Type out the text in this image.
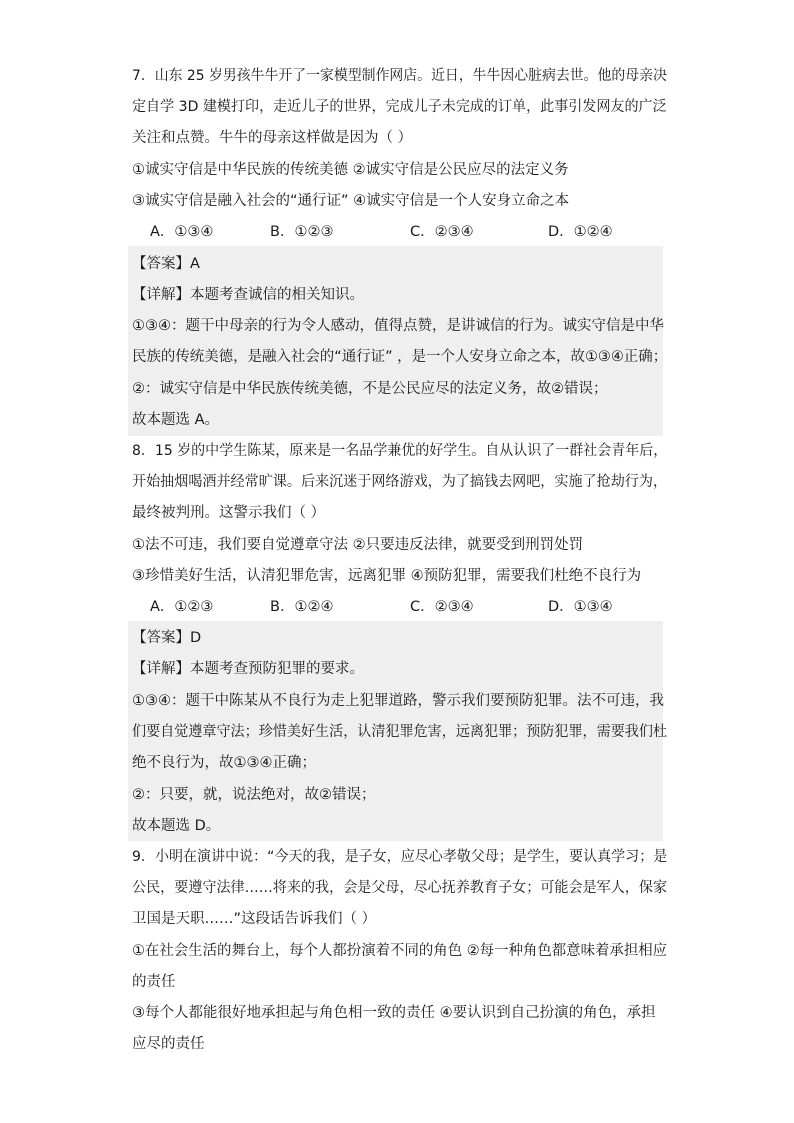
7．山东 25 岁男孩牛牛开了一家模型制作网店。近日，牛牛因心脏病去世。他的母亲决
定自学 3D 建模打印，走近儿子的世界，完成儿子未完成的订单，此事引发网友的广泛
关注和点赞。牛牛的母亲这样做是因为（ ）
①诚实守信是中华民族的传统美德 ②诚实守信是公民应尽的法定义务
③诚实守信是融入社会的“通行证” ④诚实守信是一个人安身立命之本
A．①③④	B．①②③	C．②③④	D．①②④
【答案】A
【详解】本题考查诚信的相关知识。
①③④：题干中母亲的行为令人感动，值得点赞，是讲诚信的行为。诚实守信是中华
民族的传统美德，是融入社会的“通行证” ，是一个人安身立命之本，故①③④正确；
②：诚实守信是中华民族传统美德，不是公民应尽的法定义务，故②错误；
故本题选 A。
8．15 岁的中学生陈某，原来是一名品学兼优的好学生。自从认识了一群社会青年后，
开始抽烟喝酒并经常旷课。后来沉迷于网络游戏，为了搞钱去网吧，实施了抢劫行为，
最终被判刑。这警示我们（ ）
①法不可违，我们要自觉遵章守法 ②只要违反法律，就要受到刑罚处罚
③珍惜美好生活，认清犯罪危害，远离犯罪 ④预防犯罪，需要我们杜绝不良行为
A．①②③	B．①②④	C．②③④	D．①③④
【答案】D
【详解】本题考查预防犯罪的要求。
①③④：题干中陈某从不良行为走上犯罪道路，警示我们要预防犯罪。法不可违，我
们要自觉遵章守法；珍惜美好生活，认清犯罪危害，远离犯罪；预防犯罪，需要我们杜
绝不良行为，故①③④正确；
②：只要，就，说法绝对，故②错误；
故本题选 D。
9．小明在演讲中说：“今天的我，是子女，应尽心孝敬父母；是学生，要认真学习；是
公民，要遵守法律……将来的我，会是父母，尽心抚养教育子女；可能会是军人，保家
卫国是天职……”这段话告诉我们（ ）
①在社会生活的舞台上，每个人都扮演着不同的角色 ②每一种角色都意味着承担相应
的责任
③每个人都能很好地承担起与角色相一致的责任 ④要认识到自己扮演的角色，承担
应尽的责任
